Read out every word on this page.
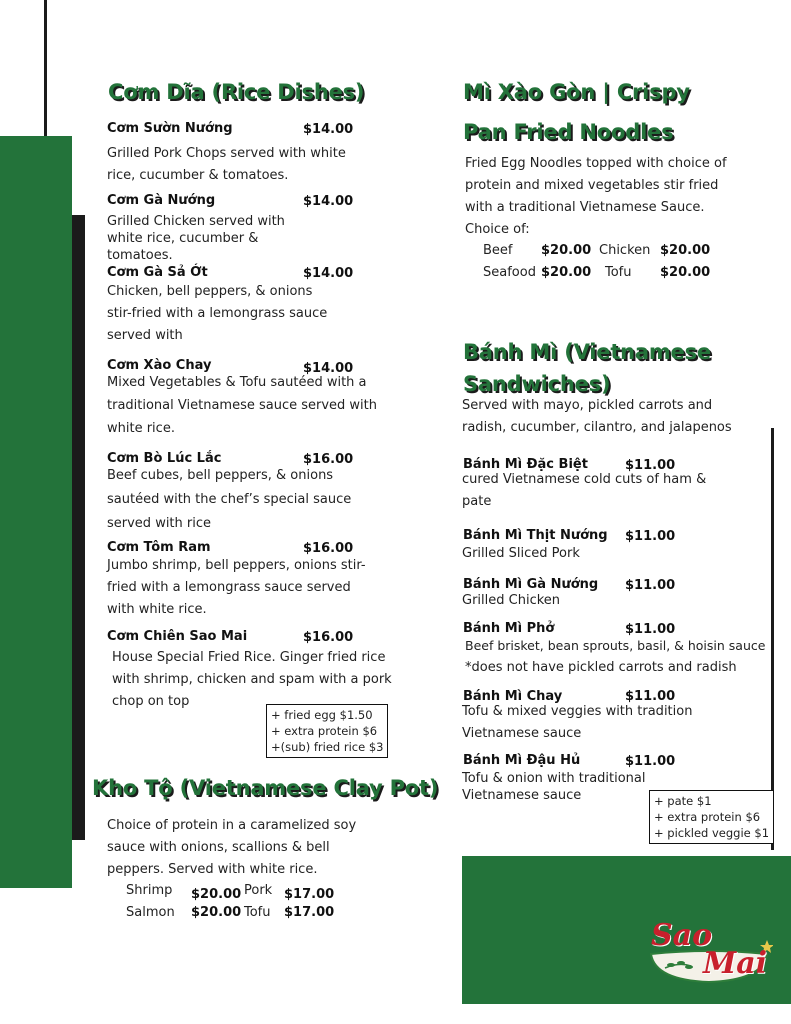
Cơm Dĩa (Rice Dishes)
Cơm Sườn Nướng	$14.00
Grilled Pork Chops served with white rice, cucumber & tomatoes.
Cơm Gà Nướng	$14.00
Grilled Chicken served with white rice, cucumber & tomatoes.
Cơm Gà Sả Ớt	$14.00
Chicken, bell peppers, & onions stir-fried with a lemongrass sauce served with
Cơm Xào Chay	$14.00
Mixed Vegetables & Tofu sautéed with a traditional Vietnamese sauce served with white rice.
Cơm Bò Lúc Lắc	$16.00
Beef cubes, bell peppers, & onions sautéed with the chef’s special sauce served with rice
Cơm Tôm Ram	$16.00
Jumbo shrimp, bell peppers, onions stir-fried with a lemongrass sauce served with white rice.
Cơm Chiên Sao Mai	$16.00
House Special Fried Rice. Ginger fried rice with shrimp, chicken and spam with a pork chop on top
+ fried egg $1.50
+ extra protein $6
+(sub) fried rice $3
Kho Tộ (Vietnamese Clay Pot)
Choice of protein in a caramelized soy sauce with onions, scallions & bell peppers. Served with white rice.
Shrimp $20.00 Pork $17.00
Salmon $20.00 Tofu $17.00
Mì Xào Gòn | Crispy
Pan Fried Noodles
Fried Egg Noodles topped with choice of protein and mixed vegetables stir fried with a traditional Vietnamese Sauce.
Choice of:
Beef $20.00 Chicken $20.00
Seafood $20.00 Tofu $20.00
Bánh Mì (Vietnamese
Sandwiches)
Served with mayo, pickled carrots and radish, cucumber, cilantro, and jalapenos
Bánh Mì Đặc Biệt	$11.00
cured Vietnamese cold cuts of ham & pate
Bánh Mì Thịt Nướng $11.00
Grilled Sliced Pork
Bánh Mì Gà Nướng $11.00
Grilled Chicken
Bánh Mì Phở	$11.00
Beef brisket, bean sprouts, basil, & hoisin sauce
*does not have pickled carrots and radish
Bánh Mì Chay	$11.00
Tofu & mixed veggies with tradition Vietnamese sauce
Bánh Mì Đậu Hủ	$11.00
Tofu & onion with traditional Vietnamese sauce	+ pate $1
+ extra protein $6
+ pickled veggie $1
Sao
Mai
